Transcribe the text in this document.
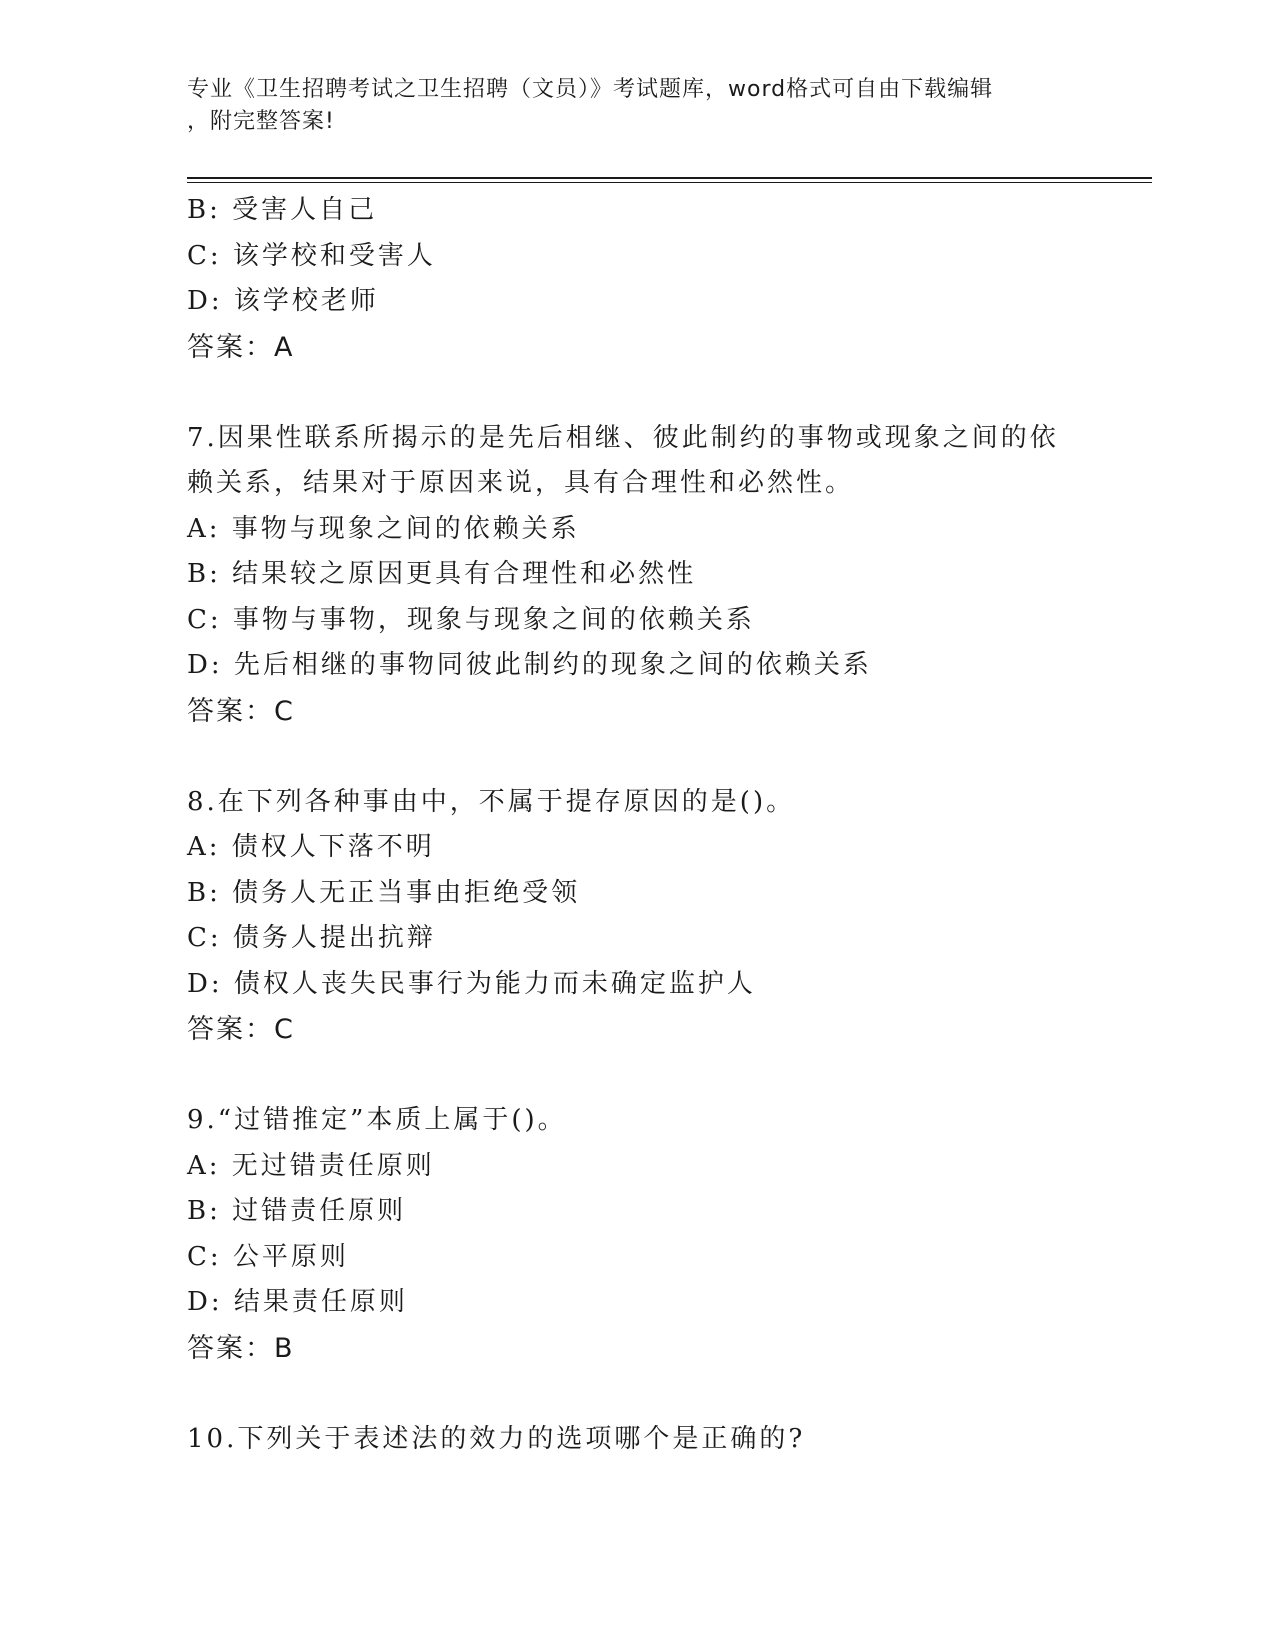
专业《卫生招聘考试之卫生招聘（文员）》考试题库，word格式可自由下载编辑
，附完整答案!
B: 受害人自己
C: 该学校和受害人
D: 该学校老师
答案：A
7.因果性联系所揭示的是先后相继、彼此制约的事物或现象之间的依
赖关系，结果对于原因来说，具有合理性和必然性。
A: 事物与现象之间的依赖关系
B: 结果较之原因更具有合理性和必然性
C: 事物与事物，现象与现象之间的依赖关系
D: 先后相继的事物同彼此制约的现象之间的依赖关系
答案：C
8.在下列各种事由中，不属于提存原因的是()。
A: 债权人下落不明
B: 债务人无正当事由拒绝受领
C: 债务人提出抗辩
D: 债权人丧失民事行为能力而未确定监护人
答案：C
9.“过错推定”本质上属于()。
A: 无过错责任原则
B: 过错责任原则
C: 公平原则
D: 结果责任原则
答案：B
10.下列关于表述法的效力的选项哪个是正确的?
